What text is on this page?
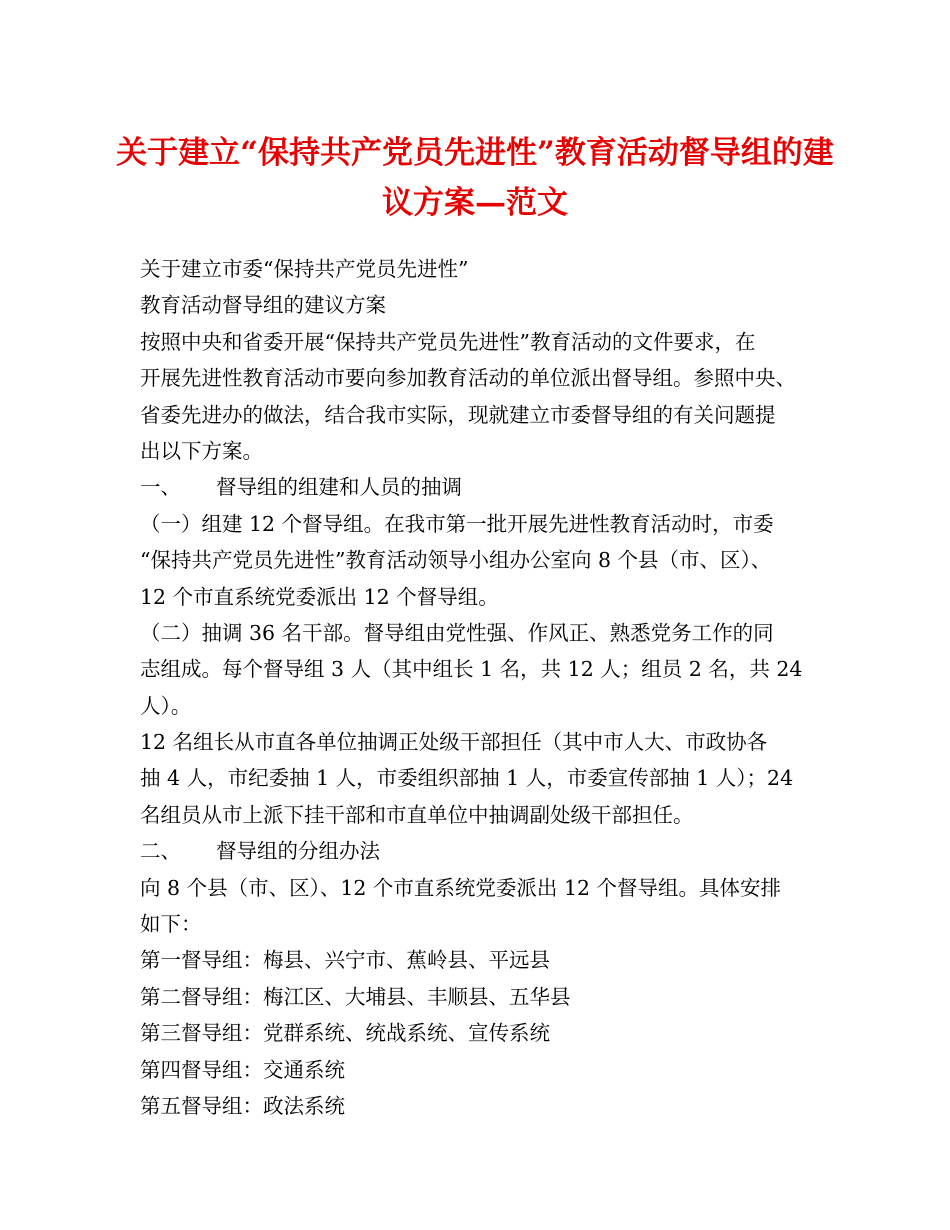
关于建立“保持共产党员先进性”教育活动督导组的建
议方案—范文
关于建立市委“保持共产党员先进性”
教育活动督导组的建议方案
按照中央和省委开展“保持共产党员先进性”教育活动的文件要求，在
开展先进性教育活动市要向参加教育活动的单位派出督导组。参照中央、
省委先进办的做法，结合我市实际，现就建立市委督导组的有关问题提
出以下方案。
一、 督导组的组建和人员的抽调
（一）组建 12 个督导组。在我市第一批开展先进性教育活动时，市委
“保持共产党员先进性”教育活动领导小组办公室向 8 个县（市、区）、
12 个市直系统党委派出 12 个督导组。
（二）抽调 36 名干部。督导组由党性强、作风正、熟悉党务工作的同
志组成。每个督导组 3 人（其中组长 1 名，共 12 人；组员 2 名，共 24
人）。
12 名组长从市直各单位抽调正处级干部担任（其中市人大、市政协各
抽 4 人，市纪委抽 1 人，市委组织部抽 1 人，市委宣传部抽 1 人）；24
名组员从市上派下挂干部和市直单位中抽调副处级干部担任。
二、 督导组的分组办法
向 8 个县（市、区）、12 个市直系统党委派出 12 个督导组。具体安排
如下：
第一督导组：梅县、兴宁市、蕉岭县、平远县
第二督导组：梅江区、大埔县、丰顺县、五华县
第三督导组：党群系统、统战系统、宣传系统
第四督导组：交通系统
第五督导组：政法系统
